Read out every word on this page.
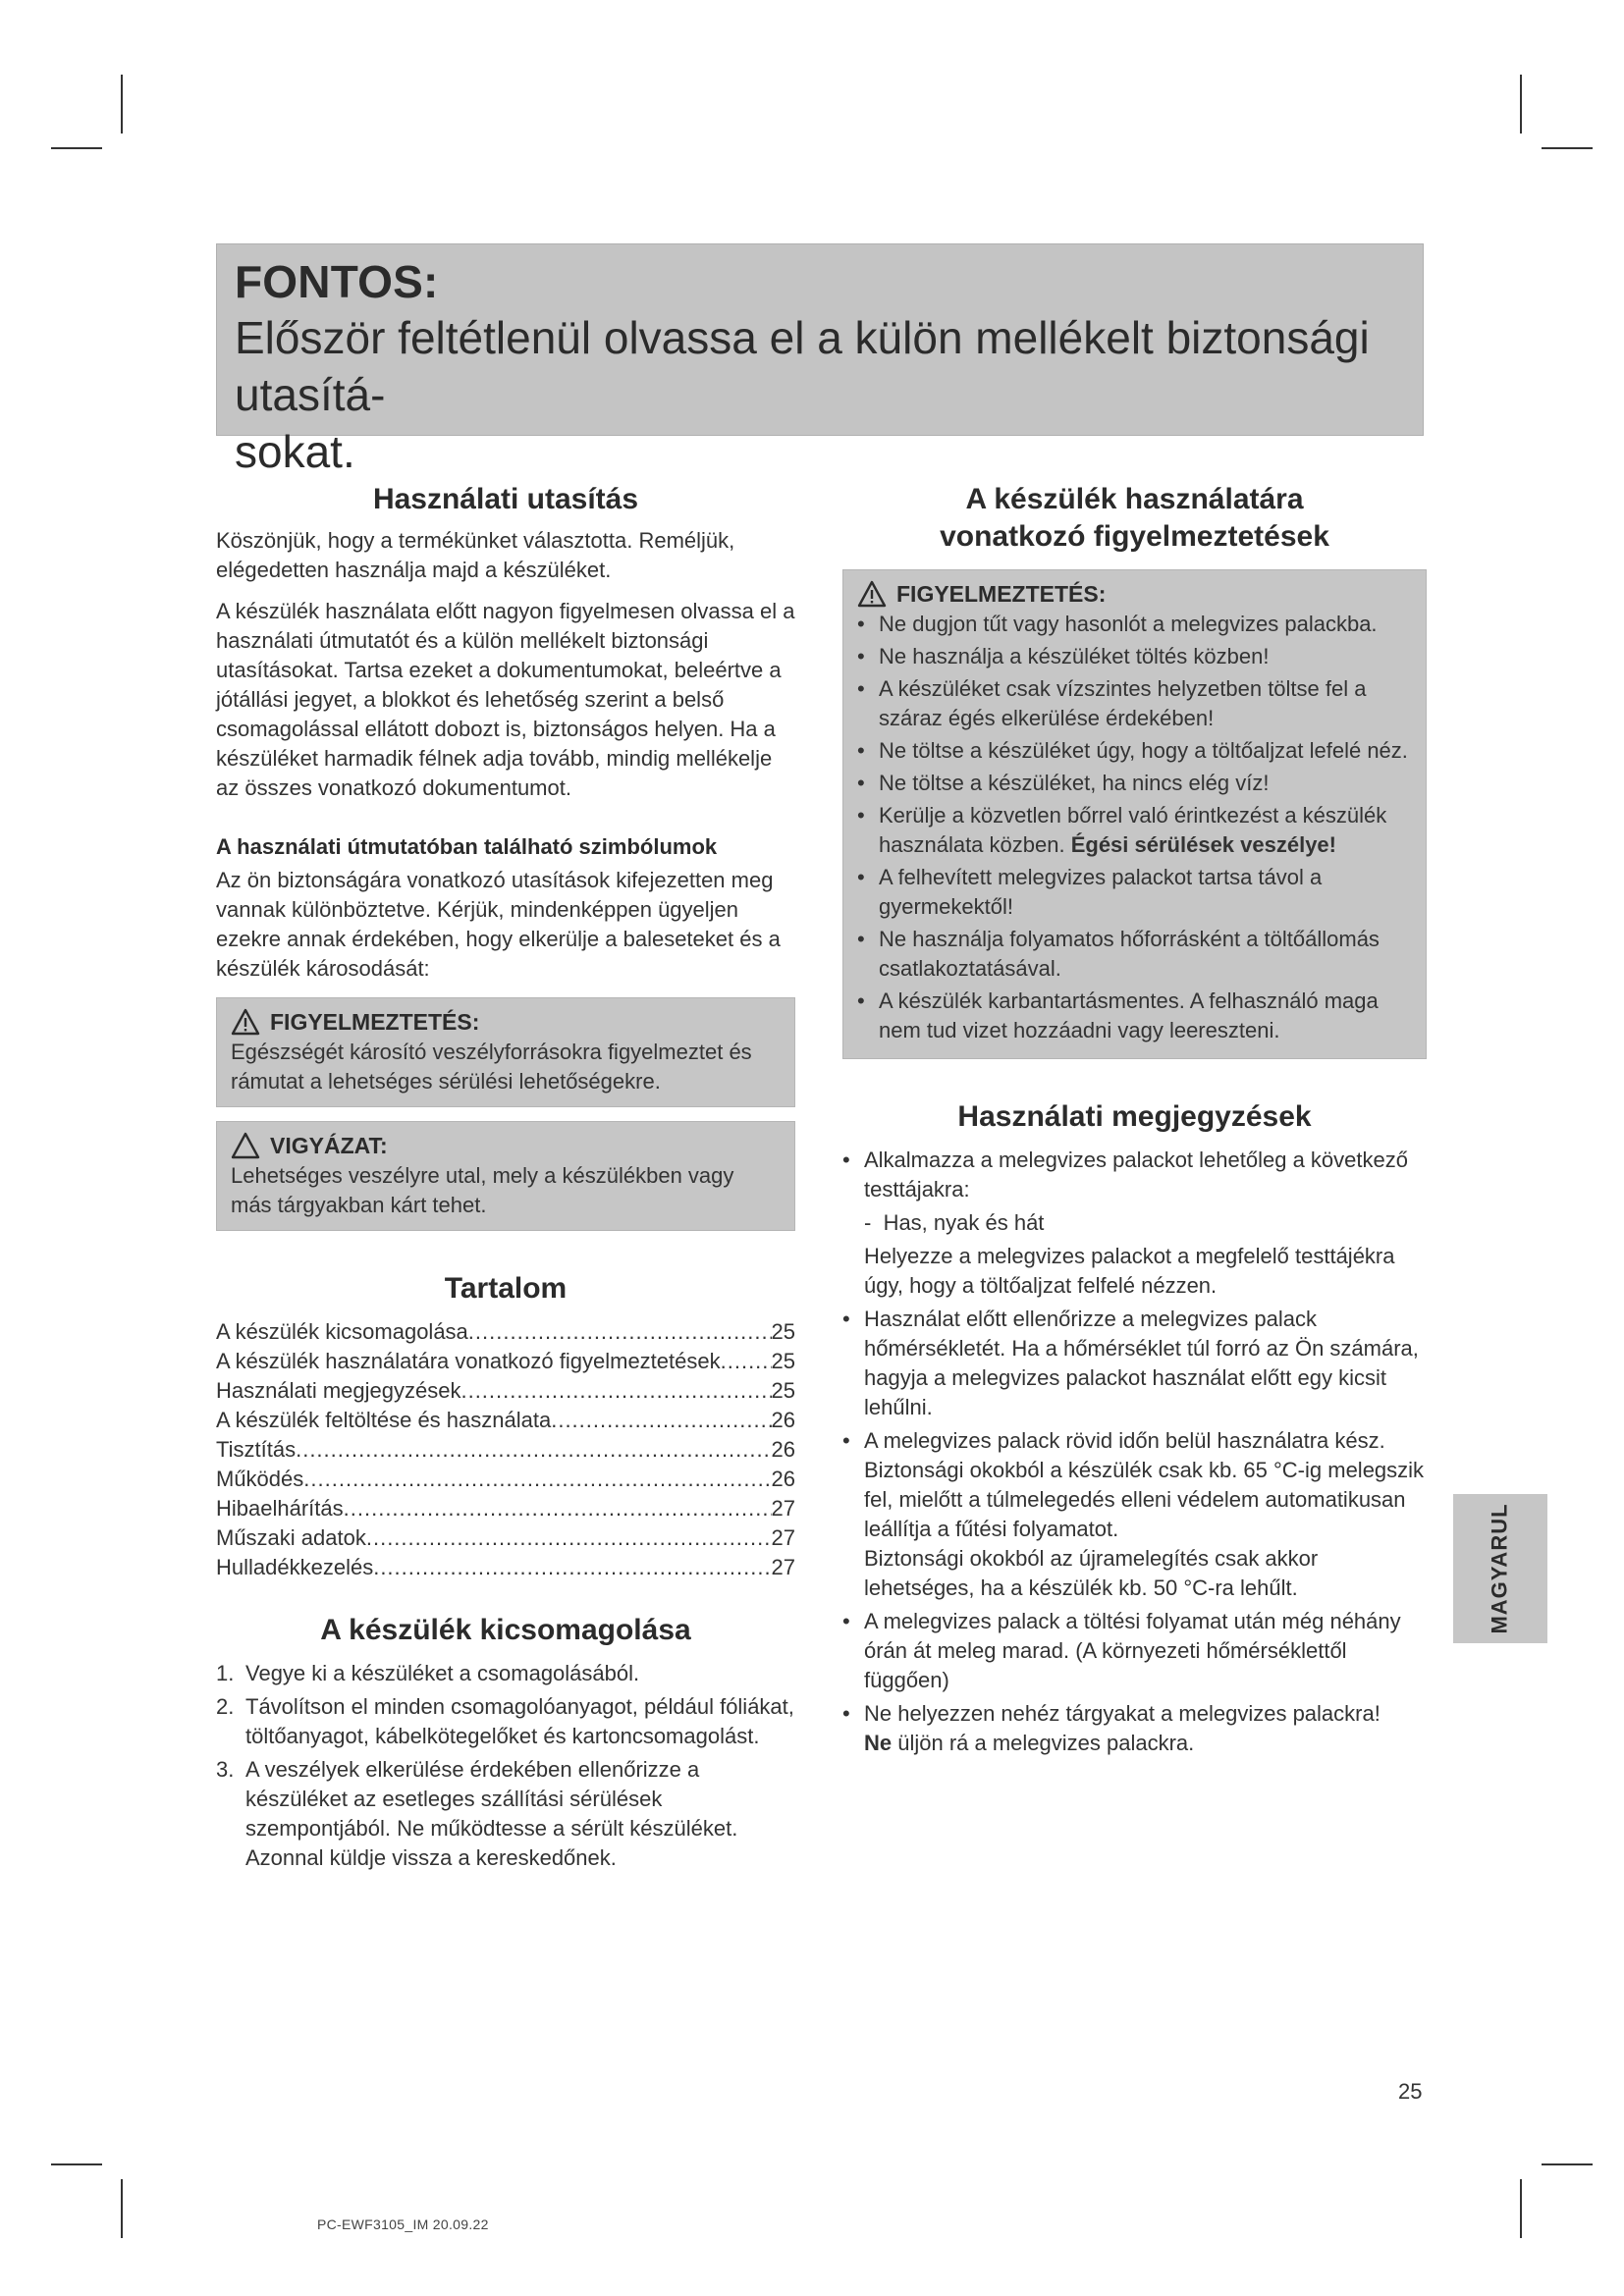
FONTOS:

Először feltétlenül olvassa el a külön mellékelt biztonsági utasítá-

sokat.

Használati utasítás

Köszönjük, hogy a termékünket választotta. Reméljük, elégedetten használja majd a készüléket.

A készülék használata előtt nagyon figyelmesen olvassa el a használati útmutatót és a külön mellékelt biztonsági utasításokat. Tartsa ezeket a dokumentumokat, beleértve a jótállási jegyet, a blokkot és lehetőség szerint a belső csomagolással ellátott dobozt is, biztonságos helyen. Ha a készüléket harmadik félnek adja tovább, mindig mellékelje az összes vonatkozó dokumentumot.

A használati útmutatóban található szimbólumok

Az ön biztonságára vonatkozó utasítások kifejezetten meg vannak különböztetve. Kérjük, mindenképpen ügyeljen ezekre annak érdekében, hogy elkerülje a baleseteket és a készülék károsodását:

FIGYELMEZTETÉS:
Egészségét károsító veszélyforrásokra figyelmeztet és rámutat a lehetséges sérülési lehetőségekre.
VIGYÁZAT:
Lehetséges veszélyre utal, mely a készülékben vagy más tárgyakban kárt tehet.
Tartalom
A készülék kicsomagolása .....	25
A készülék használatára vonatkozó figyelmeztetések ..... 25
Használati megjegyzések .....	25
A készülék feltöltése és használata .....	26
Tisztítás .....	26
Működés .....	26
Hibaelhárítás .....	27
Műszaki adatok .....	27
Hulladékkezelés .....	27
A készülék kicsomagolása
1. Vegye ki a készüléket a csomagolásából.
2. Távolítson el minden csomagolóanyagot, például fóliákat, töltőanyagot, kábelkötegelőket és kartoncsomagolást.
3. A veszélyek elkerülése érdekében ellenőrizze a készüléket az esetleges szállítási sérülések szempontjából. Ne működtesse a sérült készüléket. Azonnal küldje vissza a kereskedőnek.
A készülék használatára
vonatkozó figyelmeztetések
FIGYELMEZTETÉS:
• Ne dugjon tűt vagy hasonlót a melegvizes palackba.
• Ne használja a készüléket töltés közben!
• A készüléket csak vízszintes helyzetben töltse fel a száraz égés elkerülése érdekében!
• Ne töltse a készüléket úgy, hogy a töltőaljzat lefelé néz.
• Ne töltse a készüléket, ha nincs elég víz!
• Kerülje a közvetlen bőrrel való érintkezést a készülék használata közben. Égési sérülések veszélye!
• A felhevített melegvizes palackot tartsa távol a gyermekektől!
• Ne használja folyamatos hőforrásként a töltőállomás csatlakoztatásával.
• A készülék karbantartásmentes. A felhasználó maga nem tud vizet hozzáadni vagy leereszteni.
Használati megjegyzések
• Alkalmazza a melegvizes palackot lehetőleg a következő testtájakra:
-  Has, nyak és hát
Helyezze a melegvizes palackot a megfelelő testtájékra úgy, hogy a töltőaljzat felfelé nézzen.
• Használat előtt ellenőrizze a melegvizes palack hőmérsékletét. Ha a hőmérséklet túl forró az Ön számára, hagyja a melegvizes palackot használat előtt egy kicsit lehűlni.
• A melegvizes palack rövid időn belül használatra kész. Biztonsági okokból a készülék csak kb. 65 °C-ig melegszik fel, mielőtt a túlmelegedés elleni védelem automatikusan leállítja a fűtési folyamatot.
Biztonsági okokból az újramelegítés csak akkor lehetséges, ha a készülék kb. 50 °C-ra lehűlt.
• A melegvizes palack a töltési folyamat után még néhány órán át meleg marad. (A környezeti hőmérséklettől függően)
• Ne helyezzen nehéz tárgyakat a melegvizes palackra!
Ne üljön rá a melegvizes palackra.
MAGYARUL
25
PC-EWF3105_IM 20.09.22
